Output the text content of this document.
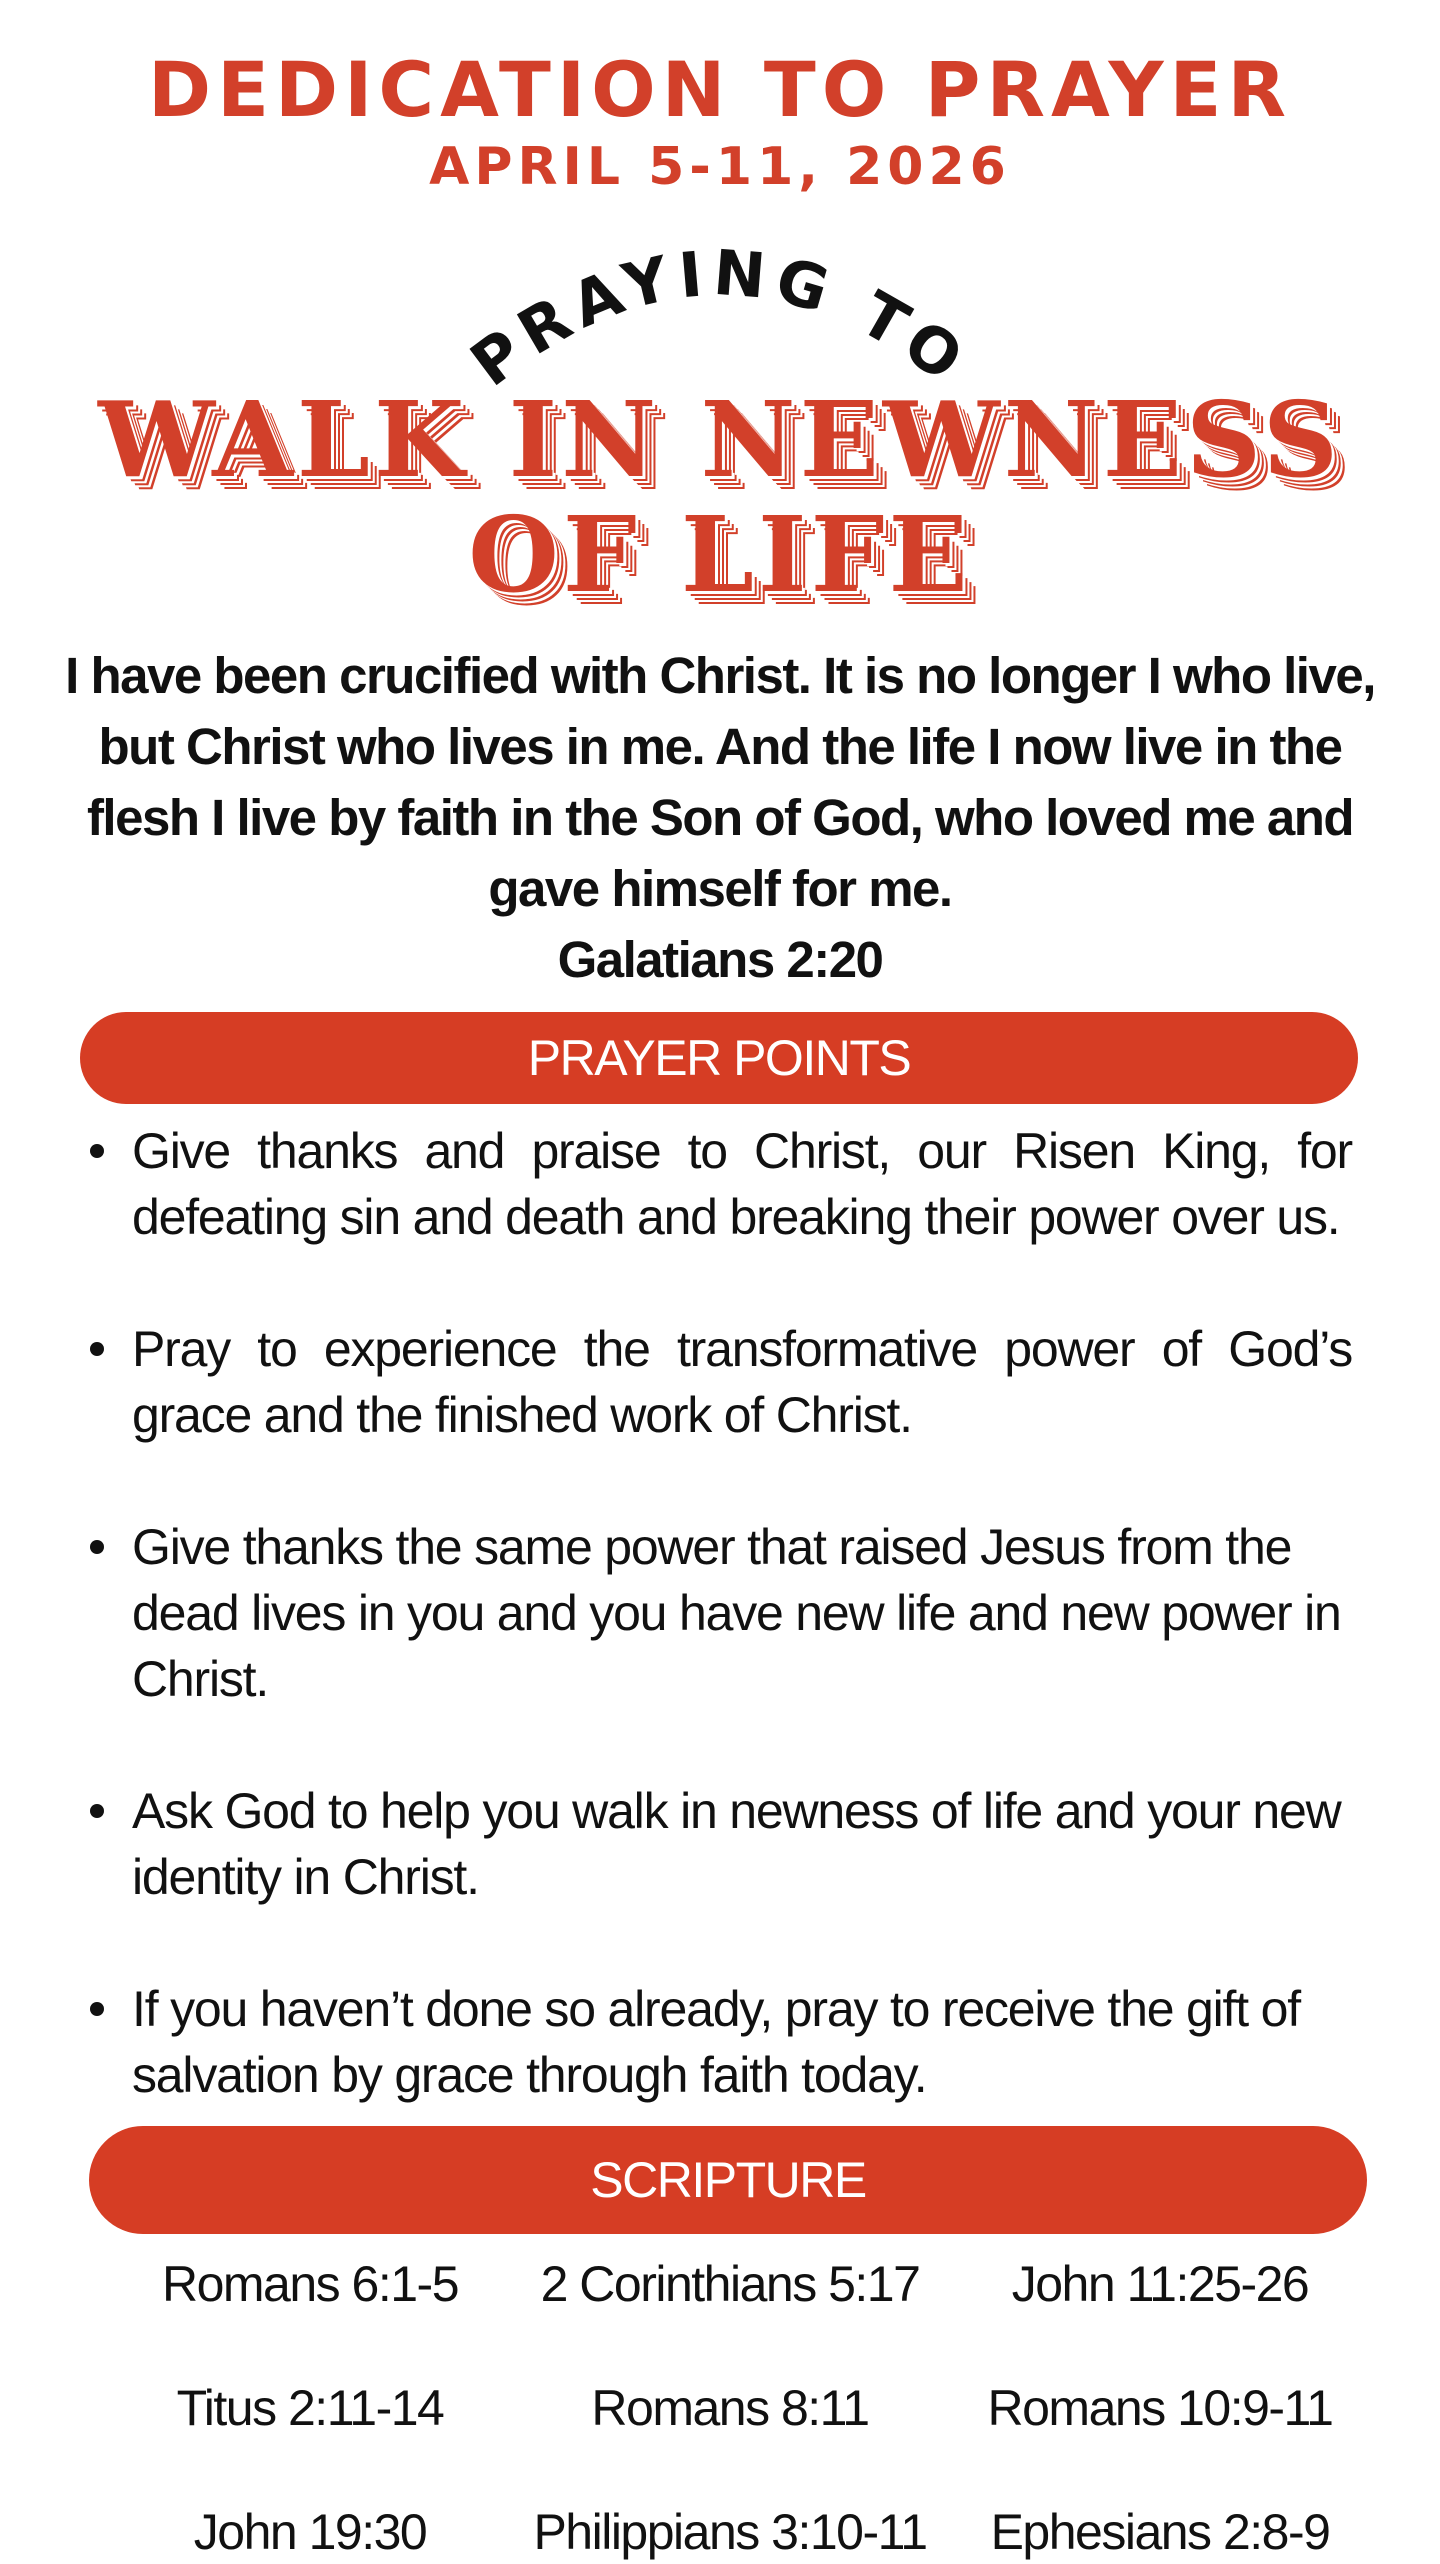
DEDICATION TO PRAYER
APRIL 5-11, 2026
PRAYING TO
WALK IN NEWNESS
OF LIFE
I have been crucified with Christ. It is no longer I who live, but Christ who lives in me. And the life I now live in the flesh I live by faith in the Son of God, who loved me and gave himself for me.
Galatians 2:20
PRAYER POINTS
Give thanks and praise to Christ, our Risen King, for defeating sin and death and breaking their power over us.
Pray to experience the transformative power of God’s grace and the finished work of Christ.
Give thanks the same power that raised Jesus from the dead lives in you and you have new life and new power in Christ.
Ask God to help you walk in newness of life and your new identity in Christ.
If you haven’t done so already, pray to receive the gift of salvation by grace through faith today.
SCRIPTURE
Romans 6:1-5	2 Corinthians 5:17	John 11:25-26
Titus 2:11-14	Romans 8:11	Romans 10:9-11
John 19:30	Philippians 3:10-11	Ephesians 2:8-9
